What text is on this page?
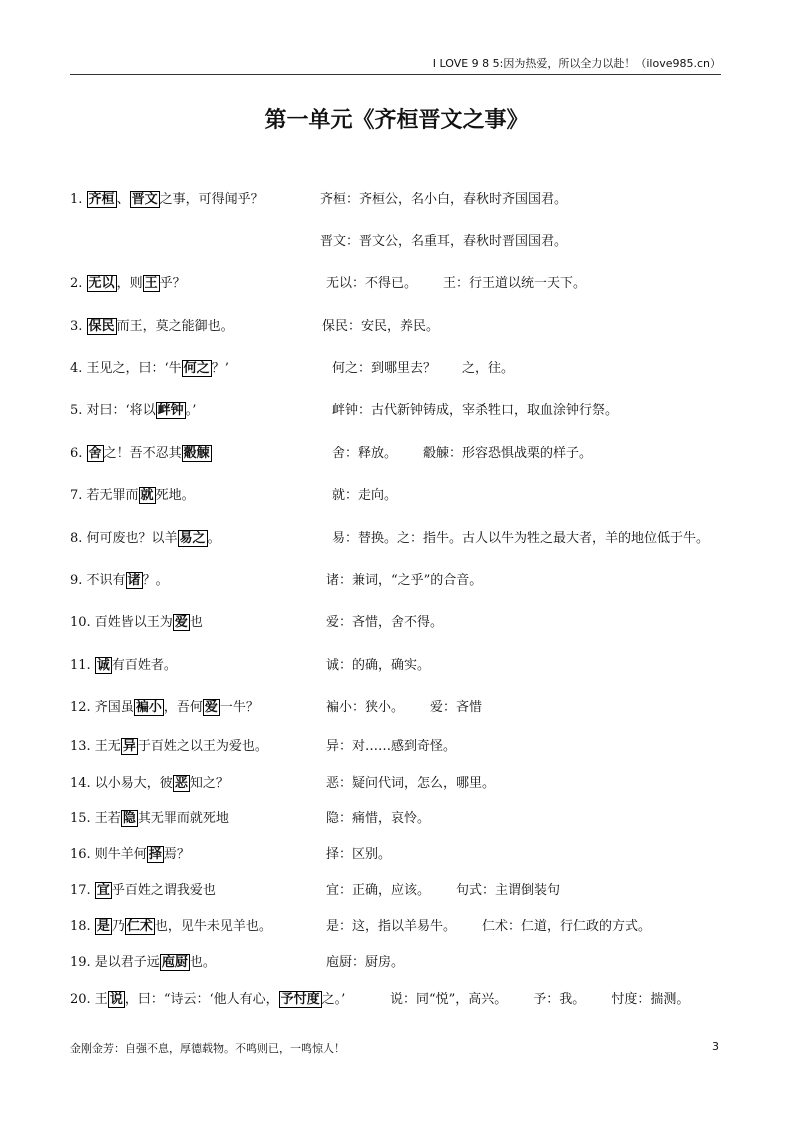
I LOVE 9 8 5:因为热爱，所以全力以赴！（ilove985.cn）
第一单元《齐桓晋文之事》
1. 齐桓 、 晋文 之事，可得闻乎？	齐桓：齐桓公，名小白，春秋时齐国国君。
晋文：晋文公，名重耳，春秋时晋国国君。
2. 无以 ，则 王 乎？	无以：不得已。 王：行王道以统一天下。
3. 保民 而王，莫之能御也。	保民：安民，养民。
4. 王见之，曰：‘牛 何之 ？’	何之：到哪里去？ 之，往。
5. 对曰：‘将以 衅钟 。’	衅钟：古代新钟铸成，宰杀牲口，取血涂钟行祭。
6. 舍 之！吾不忍其 觳觫	舍：释放。 觳觫：形容恐惧战栗的样子。
7. 若无罪而 就 死地。	就：走向。
8. 何可废也？以羊 易之 。	易：替换。之：指牛。古人以牛为牲之最大者，羊的地位低于牛。
9. 不识有 诸 ？。	诸：兼词，“之乎”的合音。
10. 百姓皆以王为 爱 也	爱：吝惜，舍不得。
11. 诚 有百姓者。	诚：的确，确实。
12. 齐国虽 褊小 ，吾何 爱 一牛？	褊小：狭小。 爱：吝惜
13. 王无 异 于百姓之以王为爱也。	异：对……感到奇怪。
14. 以小易大，彼 恶 知之？	恶：疑问代词，怎么，哪里。
15. 王若 隐 其无罪而就死地	隐：痛惜，哀怜。
16. 则牛羊何 择 焉？	择：区别。
17. 宜 乎百姓之谓我爱也	宜：正确，应该。 句式：主谓倒装句
18. 是 乃 仁术 也，见牛未见羊也。	是：这，指以羊易牛。 仁术：仁道，行仁政的方式。
19. 是以君子远 庖厨 也。	庖厨：厨房。
20. 王 说 ，曰：“诗云：‘他人有心， 予忖度 之。’	说：同“悦”，高兴。 予：我。 忖度：揣测。
金刚金芳：自强不息，厚德载物。不鸣则已，一鸣惊人！	3
